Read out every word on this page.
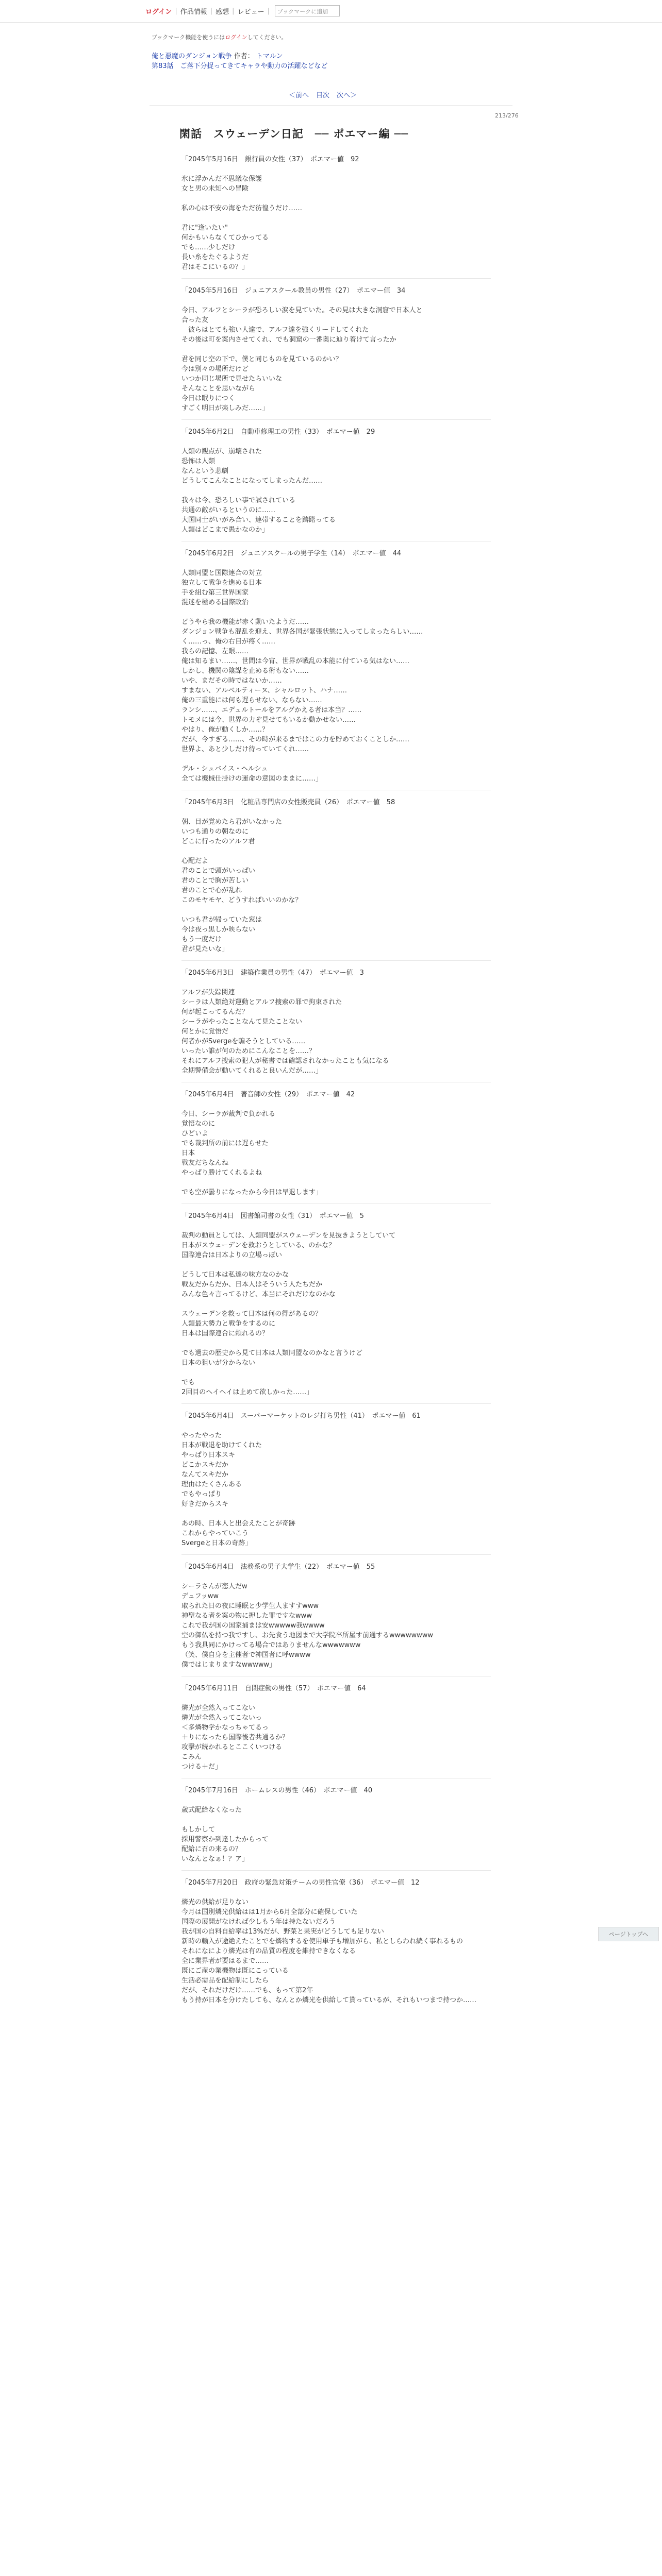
ログイン | 作品情報 | 感想 | レビュー |	ブックマークに追加
ブックマーク機能を使うにはログインしてください。
俺と悪魔のダンジョン戦争 作者： トマルン
第83話　ご落下分捉ってきてキャラや動力の活躍などなど
＜前へ 目次 次へ＞
213/276
閑話　スウェーデン日記　── ポエマー編 ──
「2045年5月16日　銀行員の女性（37）　ポエマー値　92
氷に浮かんだ不思議な保護
女と男の未知への冒険
私の心は不安の海をただ彷徨うだけ……
君に"逢いたい"
何かもいらなくてひかってる
でも……少しだけ
長い糸をたぐるようだ
君はそこにいるの？」
「2045年5月16日　ジュニアスクール教員の男性（27）　ポエマー値　34
今日、アルフとシーラが恐ろしい涙を見ていた。その見は大きな洞窟で日本人と
合った友
　彼らはとても強い人達で、アルフ達を強くリードしてくれた
その後は町を案内させてくれ、でも洞窟の一番奥に辿り着けて言ったか
君を同じ空の下で、僕と同じものを見ているのかい？
今は別々の場所だけど
いつか同じ場所で見せたらいいな
そんなことを思いながら
今日は眠りにつく
すごく明日が楽しみだ……」
「2045年6月2日　自動車修理工の男性（33）　ポエマー値　29
人類の観点が、崩壊された
恐怖は人類
なんという悲劇
どうしてこんなことになってしまったんだ……
我々は今、恐ろしい事で試されている
共通の敵がいるというのに……
大国同士がいがみ合い、連帯することを躊躇ってる
人類はどこまで愚かなのか」
「2045年6月2日　ジュニアスクールの男子学生（14）　ポエマー値　44
人類同盟と国際連合の対立
独立して戦争を進める日本
手を組む第三世界国家
混迷を極める国際政治
どうやら我の機能が赤く動いたようだ……
ダンジョン戦争も混乱を迎え、世界各国が緊張状態に入ってしまったらしい……
く……っ、俺の右目が疼く……
我らの記憶、左眼……
俺は知るまい……、世間は今宵、世界が戦乱の本能に付ている気はない……
しかし、機関の陰謀を止める術もない……
いや、まだその時ではないか……
すまない、アルベルティーヌ、シャルロット、ハナ……
俺の三重能には何も遅らせない、ならない……
ランシ……、エデュルトールをアルグかえる者は本当？……
トモメには今、世界の力ぞ見せてもいるか動かせない……
やはり、俺が動くしか……？
だが、今すぎる……、その時が来るまではこの力を貯めておくことしか……
世界よ、あと少しだけ待っていてくれ……
デル・シュバイス・ヘルシュ
全ては機械仕掛けの運命の意図のままに……」
「2045年6月3日　化粧品専門店の女性販売員（26）　ポエマー値　58
朝、目が覚めたら君がいなかった
いつも通りの朝なのに
どこに行ったのアルフ君
心配だよ
君のことで頭がいっぱい
君のことで胸が苦しい
君のことで心が乱れ
このモヤモヤ、どうすればいいのかな？
いつも君が帰っていた窓は
今は夜っ黒しか映らない
もう一度だけ
君が見たいな」
「2045年6月3日　建築作業員の男性（47）　ポエマー値　3
アルフが失踪関連
シーラは人類絶対運動とアルフ捜索の罪で拘束された
何が起こってるんだ？
シーラがやったことなんて見たことない
何とかに覚悟だ
何者かがSvergeを騙そうとしている……
いったい誰が何のためにこんなことを……？
それにアルフ捜索の犯人が秘書では確認されなかったことも気になる
全期警備会が動いてくれると良いんだが……」
「2045年6月4日　著音師の女性（29）　ポエマー値　42
今日、シーラが裁判で負かれる
覚悟なのに
ひどいよ
でも裁判所の前には遅らせた
日本
戦友だちなんね
やっぱり勝けてくれるよね
でも空が曇りになったから今日は早退します」
「2045年6月4日　図書館司書の女性（31）　ポエマー値　5
裁判の動員としては、人類同盟がスウェーデンを見抜きようとしていて
日本がスウェーデンを救おうとしている、のかな？
国際連合は日本よりの立場っぽい
どうして日本は私達の味方なのかな
戦友だからだか、日本人はそういう人たちだか
みんな色々言ってるけど、本当にそれだけなのかな
スウェーデンを救って日本は何の得があるの？
人類最大勢力と戦争をするのに
日本は国際連合に頼れるの？
でも過去の歴史から見て日本は人類同盟なのかなと言うけど
日本の狙いが分からない
でも
2回目のヘイヘイは止めて欲しかった……」
「2045年6月4日　スーパーマーケットのレジ打ち男性（41）　ポエマー値　61
やったやった
日本が戦退を助けてくれた
やっぱり日本スキ
どこかスキだか
なんてスキだか
理由はたくさんある
でもやっぱり
好きだからスキ
あの時、日本人と出会えたことが奇跡
これからやっていこう
Svergeと日本の奇跡」
「2045年6月4日　法務系の男子大学生（22）　ポエマー値　55
シーラさんが恋人だw
デュフッww
取られた日の夜に睡眠と少学生人ますすwww
神聖なる者を案の物に押した罪ですなwww
これで我が国の国家捕まは安wwwww我wwww
空の御仏を持つ我ですし、お先食う地図まで大学院卒所屋す前通するwwwwwwww
もう我具同にかけってる場合ではありませんなwwwwwww
（笑、僕自身を主催者で神国者に呼wwww
僕ではじまりますなwwwww」
「2045年6月11日　自閉症働の男性（57）　ポエマー値　64
燐光が全然入ってこない
燐光が全然入ってこないっ
＜多燐物学かなっちゃてるっ
＋りになったら国際後者共通るか？
攻撃が続かれるとここくいつける
こみん
つける＋だ」
「2045年7月16日　ホームレスの男性（46）　ポエマー値　40
歳式配給なくなった
もしかして
採用警察か到達したからって
配給に召の来るの？
いなんとなぁ！？ア」
「2045年7月20日　政府の緊急対策チームの男性官僚（36）　ポエマー値　12
燐光の供給が足りない
今月は国別燐光供給はは1月から6月全部分に確保していた
国際の展開がなければ少しもう年は持たないだろう
我が国の自料自給率は13%だが、野菜と果実がどうしても足りない
新時の輸入が途絶えたことでを燐物するを使用単子も増加がら、私としらわれ続く事れるもの
それになにより燐光は有の品質の程度を維持できなくなる
全に業界者が要はるまで……
既にご産の業機物は既にこっている
生活必需品を配給制にしたら
だが、それだけだけ……でも、もって第2年
もう持が日本を分けたしても、なんとか燐光を供給して貰っているが、それもいつまで持つか……
ページトップへ
